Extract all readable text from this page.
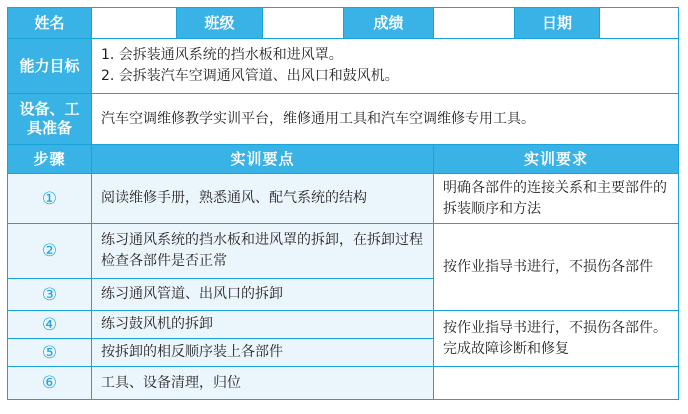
姓名		班级		成绩		日期	
能力目标	1. 会拆装通风系统的挡水板和进风罩。
2. 会拆装汽车空调通风管道、出风口和鼓风机。						

设备、工
具准备	汽车空调维修教学实训平台，维修通用工具和汽车空调维修专用工具。						
步骤	实训要点				实训要求		
①	阅读维修手册，熟悉通风、配气系统的结构				明确各部件的连接关系和主要部件的拆装顺序和方法		
②	练习通风系统的挡水板和进风罩的拆卸，在拆卸过程检查各部件是否正常				按作业指导书进行，不损伤各部件		
③	练习通风管道、出风口的拆卸						
④	练习鼓风机的拆卸				按作业指导书进行，不损伤各部件。完成故障诊断和修复		
⑤	按拆卸的相反顺序装上各部件						
⑥	工具、设备清理，归位						
